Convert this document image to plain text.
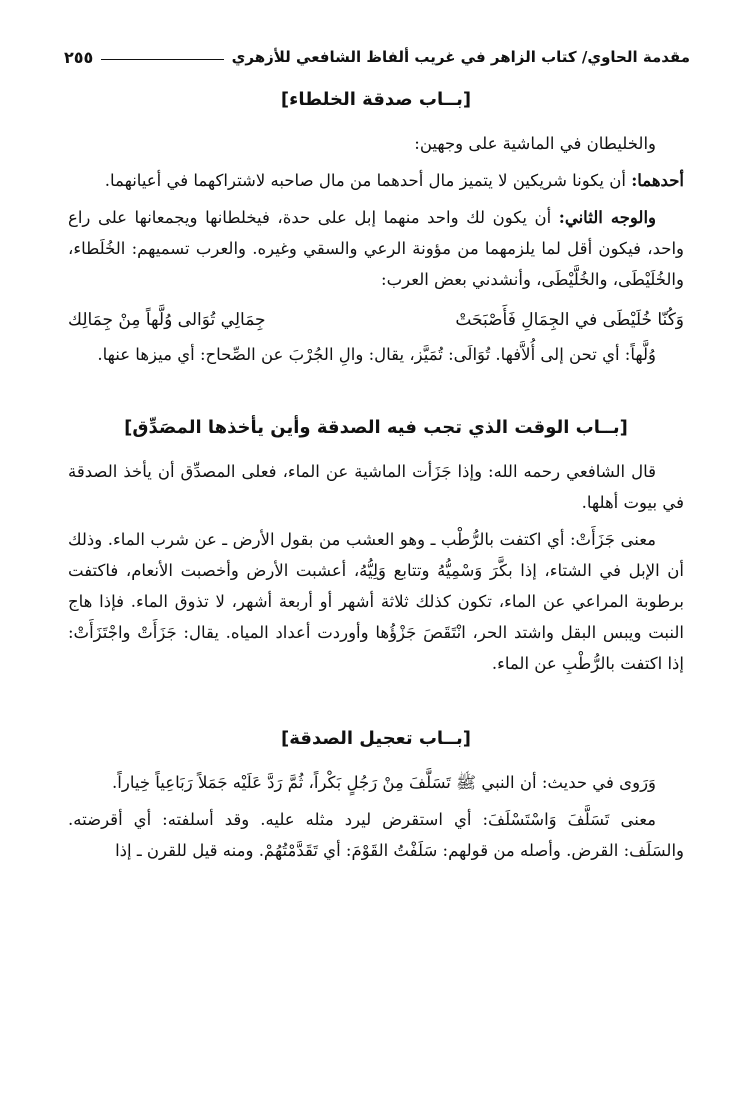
مقدمة الحاوي/ كتاب الزاهر في غريب ألفاظ الشافعي للأزهري
٢٥٥
[بــاب صدقة الخلطاء]

والخليطان في الماشية على وجهين:

أحدهما: أن يكونا شريكين لا يتميز مال أحدهما من مال صاحبه لاشتراكهما في أعيانهما.

والوجه الثاني: أن يكون لك واحد منهما إبل على حدة، فيخلطانها ويجمعانها على راع واحد، فيكون أقل لما يلزمهما من مؤونة الرعي والسقي وغيره. والعرب تسميهم: الخُلَطاء، والخُلَيْطَى، والخُلَّيْطَى، وأنشدني بعض العرب:

وَكُنّا خُلَيْطَى في الجِمَالِ فَأَصْبَحَتْ
جِمَالِي تُوَالى وُلَّهاً مِنْ جِمَالِك

وُلَّهاً: أي تحن إلى أُلاَّفها. تُوَالَى: تُمَيَّز، يقال: والِ الجُرْبَ عن الصِّحاح: أي ميزها عنها.

[بــاب الوقت الذي تجب فيه الصدقة وأين يأخذها المصَدِّق]

قال الشافعي رحمه الله: وإذا جَزَأت الماشية عن الماء، فعلى المصدِّق أن يأخذ الصدقة في بيوت أهلها.

معنى جَزَأَتْ: أي اكتفت بالرُّطْب ـ وهو العشب من بقول الأرض ـ عن شرب الماء. وذلك أن الإبل في الشتاء، إذا بكَّرَ وَسْمِيُّهُ وتتابع وَلِيُّهُ، أعشبت الأرض وأخصبت الأنعام، فاكتفت برطوبة المراعي عن الماء، تكون كذلك ثلاثة أشهر أو أربعة أشهر، لا تذوق الماء. فإذا هاج النبت ويبس البقل واشتد الحر، انْتَقَصَ جَزْؤُها وأوردت أعداد المياه. يقال: جَزَأَتْ واجْتَزَأَتْ: إذا اكتفت بالرُّطْبِ عن الماء.

[بــاب تعجيل الصدقة]

وَرَوى في حديث: أن النبي ﷺ تَسَلَّفَ مِنْ رَجُلٍ بَكْراً، ثُمَّ رَدَّ عَلَيْه جَمَلاً رَبَاعِياً خِياراً.

معنى تَسَلَّفَ وَاسْتَسْلَفَ: أي استقرض ليرد مثله عليه. وقد أسلفته: أي أقرضته. والسَلَف: القرض. وأصله من قولهم: سَلَفْتُ القَوْمَ: أي تَقَدَّمْتُهُمْ. ومنه قيل للقرن ـ إذا
